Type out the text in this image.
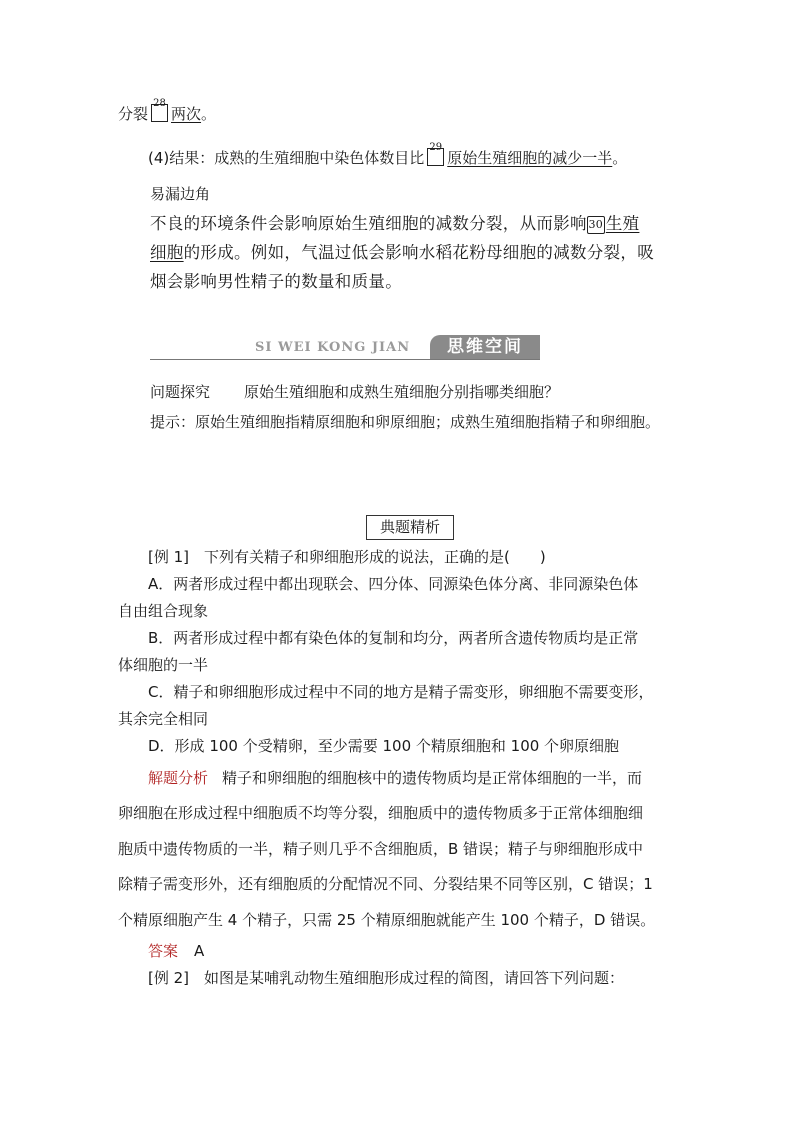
分裂
28
两次。
(4)结果：成熟的生殖细胞中染色体数目比
29
原始生殖细胞的减少一半。
易漏边角
不良的环境条件会影响原始生殖细胞的减数分裂，从而影响 30 生殖
细胞的形成。例如，气温过低会影响水稻花粉母细胞的减数分裂，吸
烟会影响男性精子的数量和质量。
SI WEI KONG JIAN	思维空间
问题探究 原始生殖细胞和成熟生殖细胞分别指哪类细胞？
提示：原始生殖细胞指精原细胞和卵原细胞；成熟生殖细胞指精子和卵细胞。
典题精析
[例 1]　下列有关精子和卵细胞形成的说法，正确的是(　　)
A．两者形成过程中都出现联会、四分体、同源染色体分离、非同源染色体
自由组合现象
B．两者形成过程中都有染色体的复制和均分，两者所含遗传物质均是正常
体细胞的一半
C．精子和卵细胞形成过程中不同的地方是精子需变形，卵细胞不需要变形，
其余完全相同
D．形成 100 个受精卵，至少需要 100 个精原细胞和 100 个卵原细胞
解题分析 精子和卵细胞的细胞核中的遗传物质均是正常体细胞的一半，而
卵细胞在形成过程中细胞质不均等分裂，细胞质中的遗传物质多于正常体细胞细
胞质中遗传物质的一半，精子则几乎不含细胞质，B 错误；精子与卵细胞形成中
除精子需变形外，还有细胞质的分配情况不同、分裂结果不同等区别，C 错误；1
个精原细胞产生 4 个精子，只需 25 个精原细胞就能产生 100 个精子，D 错误。
答案 A
[例 2]　如图是某哺乳动物生殖细胞形成过程的简图，请回答下列问题：
